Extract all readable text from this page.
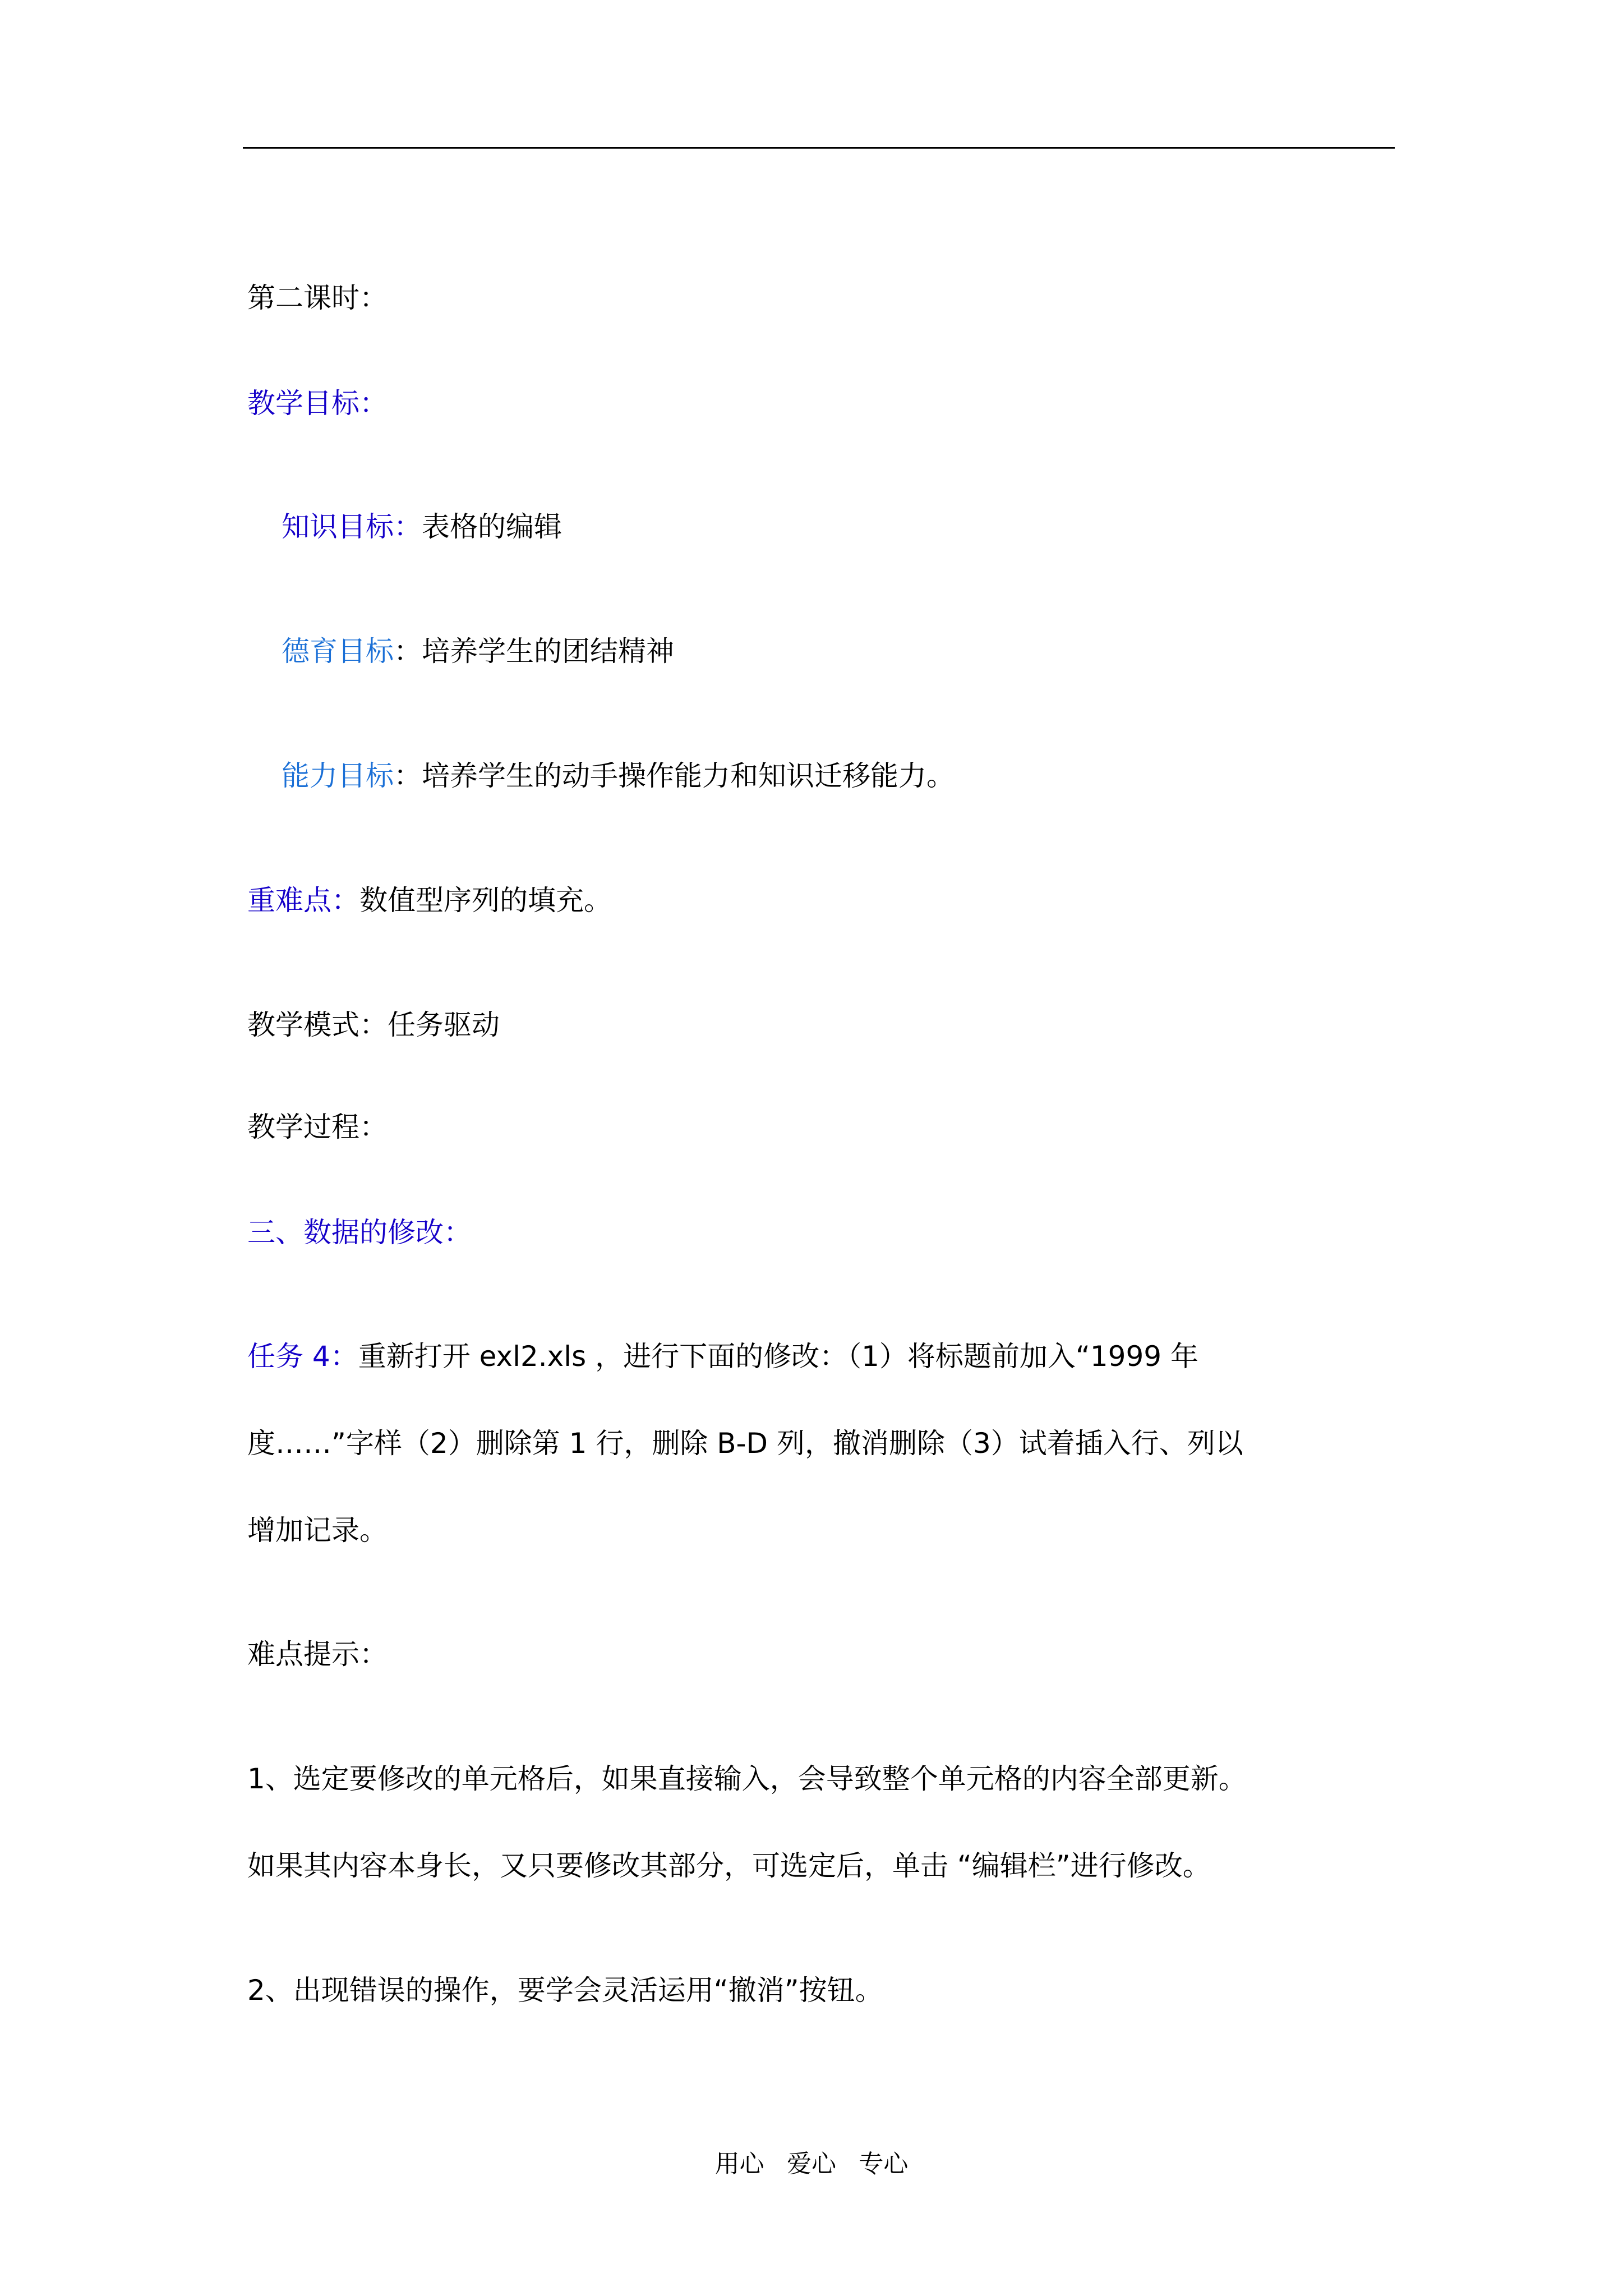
第二课时：
教学目标：
知识目标：表格的编辑
德育目标：培养学生的团结精神
能力目标：培养学生的动手操作能力和知识迁移能力。
重难点：数值型序列的填充。
教学模式：任务驱动
教学过程：
三、数据的修改：
任务 4：重新打开 exl2.xls ，进行下面的修改：（1）将标题前加入“1999 年
度……”字样（2）删除第 1 行，删除 B-D 列，撤消删除（3）试着插入行、列以
增加记录。
难点提示：
1、选定要修改的单元格后，如果直接输入，会导致整个单元格的内容全部更新。
如果其内容本身长，又只要修改其部分，可选定后，单击 “编辑栏”进行修改。
2、出现错误的操作，要学会灵活运用“撤消”按钮。
用心 爱心 专心
